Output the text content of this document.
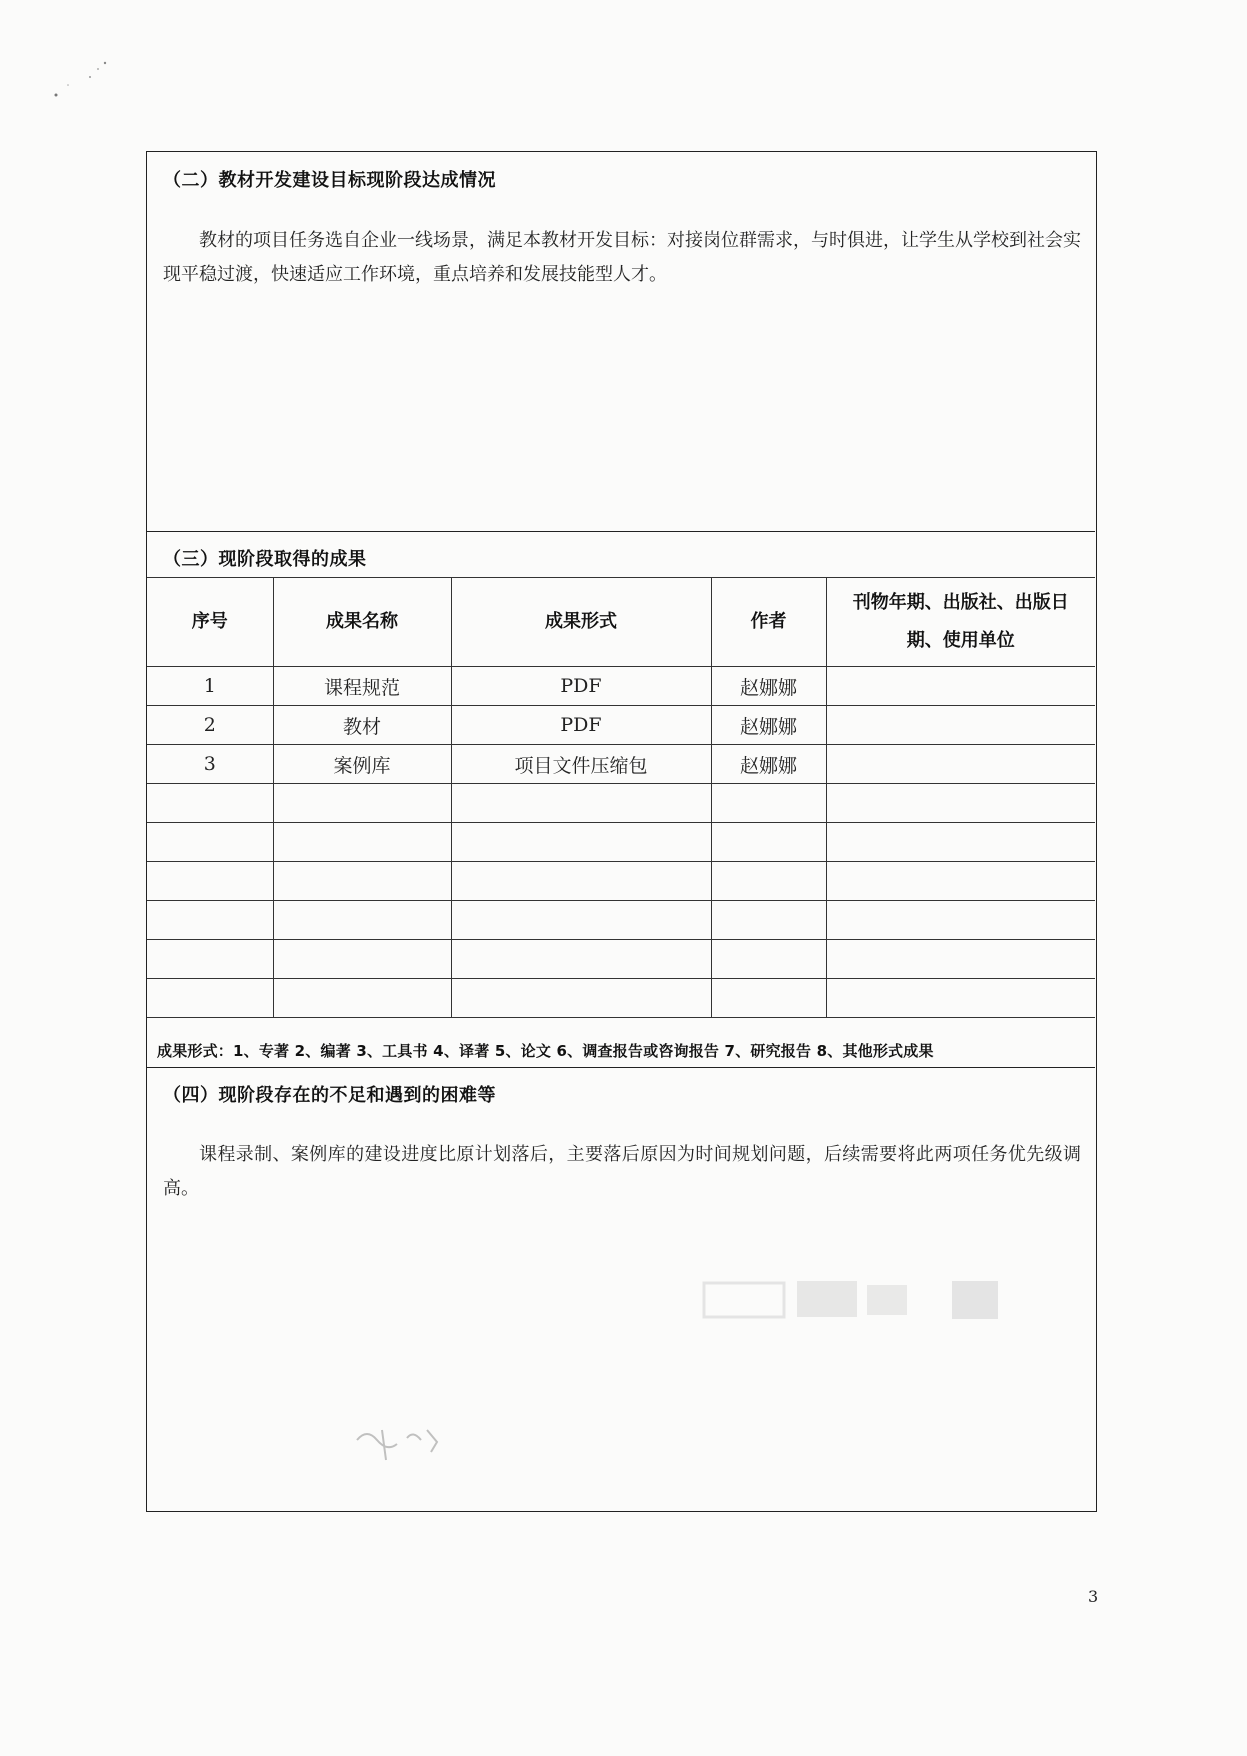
（二）教材开发建设目标现阶段达成情况
教材的项目任务选自企业一线场景，满足本教材开发目标：对接岗位群需求，与时俱进，让学生从学校到社会实现平稳过渡，快速适应工作环境，重点培养和发展技能型人才。
（三）现阶段取得的成果
序号	成果名称	成果形式	作者	刊物年期、出版社、出版日期、使用单位
1	课程规范	PDF	赵娜娜	
2	教材	PDF	赵娜娜	
3	案例库	项目文件压缩包	赵娜娜	

成果形式：1、专著 2、编著 3、工具书 4、译著 5、论文 6、调查报告或咨询报告 7、研究报告 8、其他形式成果
（四）现阶段存在的不足和遇到的困难等
课程录制、案例库的建设进度比原计划落后，主要落后原因为时间规划问题，后续需要将此两项任务优先级调高。
3
